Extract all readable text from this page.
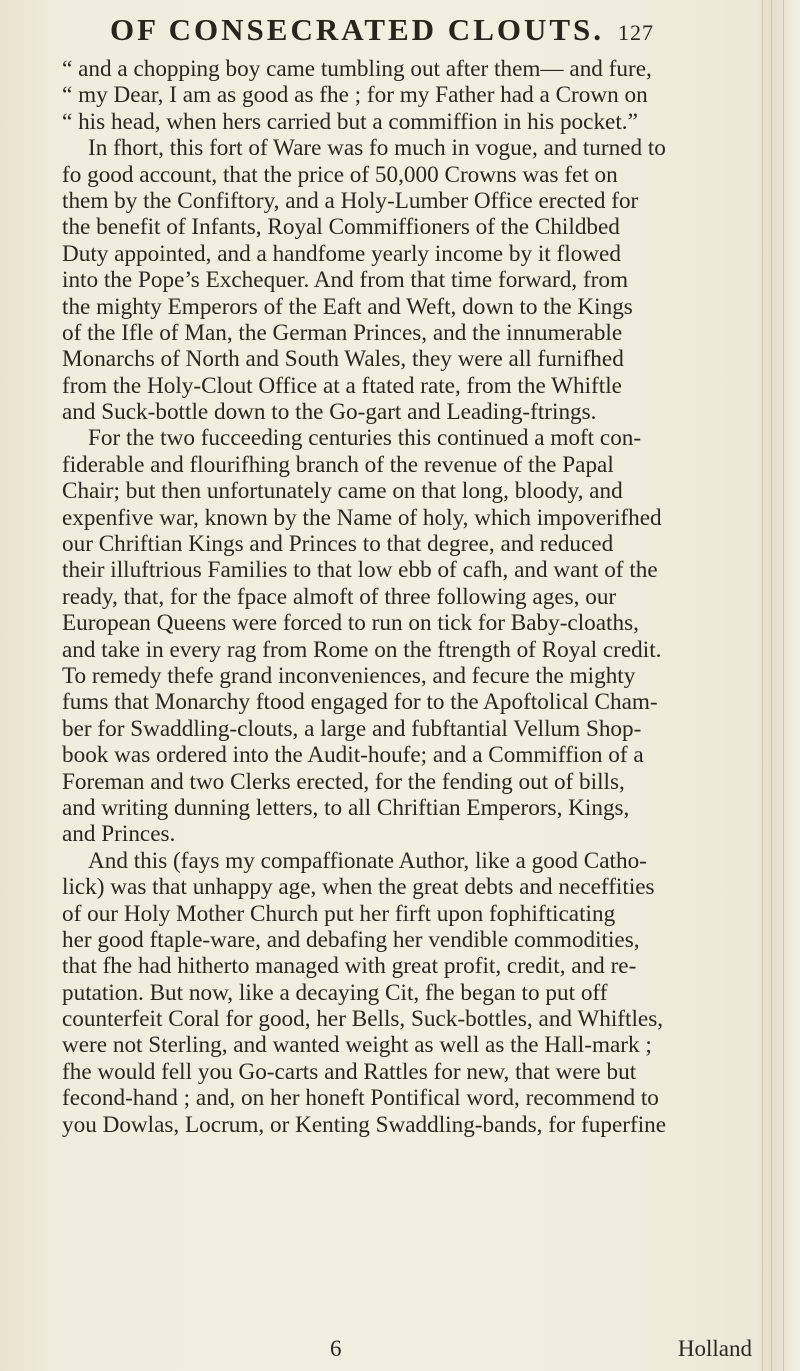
OF CONSECRATED CLOUTS. 127
“ and a chopping boy came tumbling out after them— and fure,
“ my Dear, I am as good as fhe ; for my Father had a Crown on
“ his head, when hers carried but a commiffion in his pocket.”
In fhort, this fort of Ware was fo much in vogue, and turned to
fo good account, that the price of 50,000 Crowns was fet on
them by the Confiftory, and a Holy-Lumber Office erected for
the benefit of Infants, Royal Commiffioners of the Childbed
Duty appointed, and a handfome yearly income by it flowed
into the Pope’s Exchequer. And from that time forward, from
the mighty Emperors of the Eaft and Weft, down to the Kings
of the Ifle of Man, the German Princes, and the innumerable
Monarchs of North and South Wales, they were all furnifhed
from the Holy-Clout Office at a ftated rate, from the Whiftle
and Suck-bottle down to the Go-gart and Leading-ftrings.
For the two fucceeding centuries this continued a moft con-
fiderable and flourifhing branch of the revenue of the Papal
Chair; but then unfortunately came on that long, bloody, and
expenfive war, known by the Name of holy, which impoverifhed
our Chriftian Kings and Princes to that degree, and reduced
their illuftrious Families to that low ebb of cafh, and want of the
ready, that, for the fpace almoft of three following ages, our
European Queens were forced to run on tick for Baby-cloaths,
and take in every rag from Rome on the ftrength of Royal credit.
To remedy thefe grand inconveniences, and fecure the mighty
fums that Monarchy ftood engaged for to the Apoftolical Cham-
ber for Swaddling-clouts, a large and fubftantial Vellum Shop-
book was ordered into the Audit-houfe; and a Commiffion of a
Foreman and two Clerks erected, for the fending out of bills,
and writing dunning letters, to all Chriftian Emperors, Kings,
and Princes.
And this (fays my compaffionate Author, like a good Catho-
lick) was that unhappy age, when the great debts and neceffities
of our Holy Mother Church put her firft upon fophifticating
her good ftaple-ware, and debafing her vendible commodities,
that fhe had hitherto managed with great profit, credit, and re-
putation. But now, like a decaying Cit, fhe began to put off
counterfeit Coral for good, her Bells, Suck-bottles, and Whiftles,
were not Sterling, and wanted weight as well as the Hall-mark ;
fhe would fell you Go-carts and Rattles for new, that were but
fecond-hand ; and, on her honeft Pontifical word, recommend to
you Dowlas, Locrum, or Kenting Swaddling-bands, for fuperfine
6	Holland
